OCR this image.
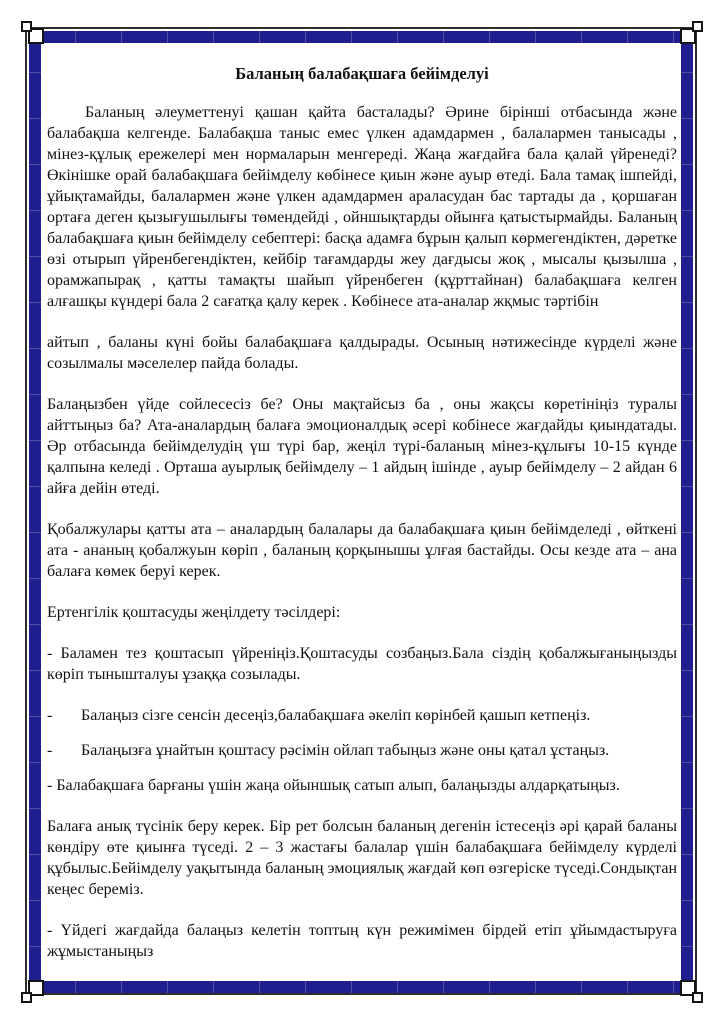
Баланың балабақшаға бейімделуі

Баланың әлеуметтенуі қашан қайта басталады? Әрине бірінші отбасында және балабақша келгенде. Балабақша таныс емес үлкен адамдармен , балалармен танысады , мінез-құлық ережелері мен нормаларын менгереді. Жаңа жағдайға бала қалай үйренеді? Өкінішке орай балабақшаға бейімделу көбінесе қиын және ауыр өтеді. Бала тамақ ішпейді, ұйықтамайды, балалармен және үлкен адамдармен араласудан бас тартады да , қоршаған ортаға деген қызығушылығы төмендейді , ойншықтарды ойынға қатыстырмайды. Баланың балабақшаға қиын бейімделу себептері: басқа адамға бұрын қалып көрмегендіктен, дәретке өзі отырып үйренбегендіктен, кейбір тағамдарды жеу дағдысы жоқ , мысалы қызылша , орамжапырақ , қатты тамақты шайып үйренбеген (құрттайнан) балабақшаға келген алғашқы күндері бала 2 сағатқа қалу керек . Көбінесе ата-аналар жқмыс тәртібін

айтып , баланы күні бойы балабақшаға қалдырады. Осының нәтижесінде күрделі және созылмалы мәселелер пайда болады.

Балаңызбен үйде сойлесесіз бе? Оны мақтайсыз ба , оны жақсы көретініңіз туралы айттыңыз ба? Ата-аналардың балаға эмоционалдық әсері кобінесе жағдайды қиындатады. Әр отбасында бейімделудің үш түрі бар, жеңіл түрі-баланың мінез-құлығы 10-15 күнде қалпына келеді . Орташа ауырлық бейімделу – 1 айдың ішінде , ауыр бейімделу – 2 айдан 6 айға дейін өтеді.

Қобалжулары қатты ата – аналардың балалары да балабақшаға қиын бейімделеді , өйткені ата - ананың қобалжуын көріп , баланың қорқынышы ұлғая бастайды. Осы кезде ата – ана балаға көмек беруі керек.

Ертенгілік қоштасуды жеңілдету тәсілдері:

- Баламен тез қоштасып үйреніңіз.Қоштасуды созбаңыз.Бала сіздің қобалжығаныңызды көріп тынышталуы ұзаққа созылады.

-	Балаңыз сізге сенсін десеңіз,балабақшаға әкеліп көрінбей қашып кетпеңіз.

-	Балаңызға ұнайтын қоштасу рәсімін ойлап табыңыз және оны қатал ұстаңыз.

- Балабақшаға барғаны үшін жаңа ойыншық сатып алып, балаңызды алдарқатыңыз.

Балаға анық түсінік беру керек. Бір рет болсын баланың дегенін істесеңіз әрі қарай баланы көндіру өте қиынға түседі. 2 – 3 жастағы балалар үшін балабақшаға бейімделу күрделі құбылыс.Бейімделу уақытында баланың эмоциялық жағдай көп өзгеріске түседі.Сондықтан кеңес береміз.

- Үйдегі жағдайда балаңыз келетін топтың күн режимімен бірдей етіп ұйымдастыруға жұмыстаныңыз
